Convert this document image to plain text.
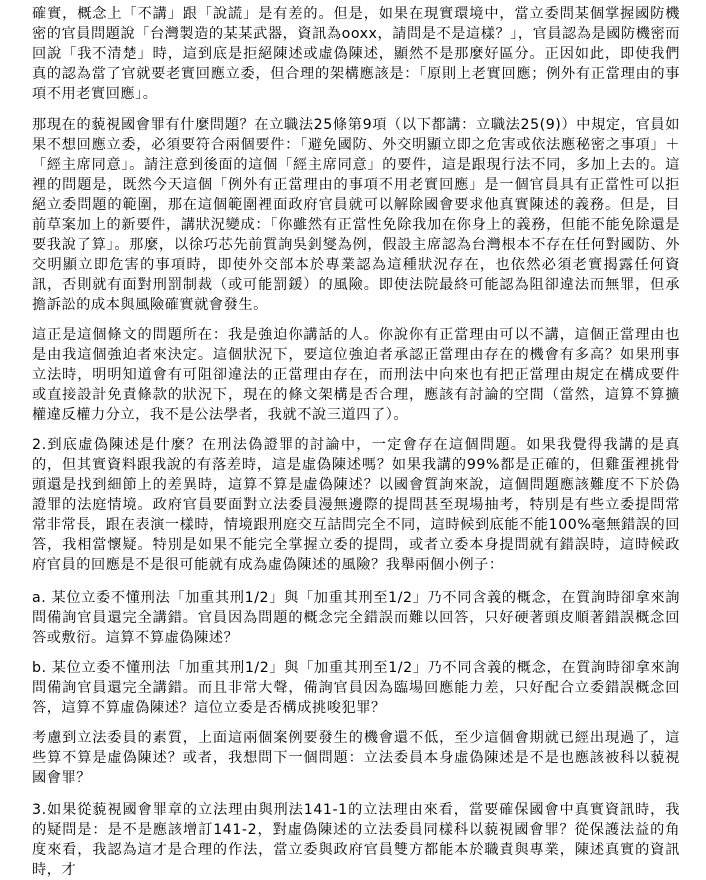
確實，概念上「不講」跟「說謊」是有差的。但是，如果在現實環境中，當立委問某個掌握國防機密的官員問題說「台灣製造的某某武器，資訊為ooxx，請問是不是這樣？」，官員認為是國防機密而回說「我不清楚」時，這到底是拒絕陳述或虛偽陳述，顯然不是那麼好區分。正因如此，即使我們真的認為當了官就要老實回應立委，但合理的架構應該是：「原則上老實回應；例外有正當理由的事項不用老實回應」。

那現在的藐視國會罪有什麼問題？在立職法25條第9項（以下都講：立職法25(9)）中規定，官員如果不想回應立委，必須要符合兩個要件：「避免國防、外交明顯立即之危害或依法應秘密之事項」＋「經主席同意」。請注意到後面的這個「經主席同意」的要件，這是跟現行法不同，多加上去的。這裡的問題是，既然今天這個「例外有正當理由的事項不用老實回應」是一個官員具有正當性可以拒絕立委問題的範圍，那在這個範圍裡面政府官員就可以解除國會要求他真實陳述的義務。但是，目前草案加上的新要件，講狀況變成：「你雖然有正當性免除我加在你身上的義務，但能不能免除還是要我說了算」。那麼，以徐巧芯先前質詢吳釗燮為例，假設主席認為台灣根本不存在任何對國防、外交明顯立即危害的事項時，即使外交部本於專業認為這種狀況存在，也依然必須老實揭露任何資訊，否則就有面對刑罰制裁（或可能罰鍰）的風險。即使法院最終可能認為阻卻違法而無罪，但承擔訴訟的成本與風險確實就會發生。

這正是這個條文的問題所在：我是強迫你講話的人。你說你有正當理由可以不講，這個正當理由也是由我這個強迫者來決定。這個狀況下，要這位強迫者承認正當理由存在的機會有多高？如果刑事立法時，明明知道會有可阻卻違法的正當理由存在，而刑法中向來也有把正當理由規定在構成要件或直接設計免責條款的狀況下，現在的條文架構是否合理，應該有討論的空間（當然，這算不算擴權違反權力分立，我不是公法學者，我就不說三道四了）。

2.到底虛偽陳述是什麼？在刑法偽證罪的討論中，一定會存在這個問題。如果我覺得我講的是真的，但其實資料跟我說的有落差時，這是虛偽陳述嗎？如果我講的99%都是正確的，但雞蛋裡挑骨頭還是找到細節上的差異時，這算不算是虛偽陳述？以國會質詢來說，這個問題應該難度不下於偽證罪的法庭情境。政府官員要面對立法委員漫無邊際的提問甚至現場抽考，特別是有些立委提問常常非常長，跟在表演一樣時，情境跟刑庭交互詰問完全不同，這時候到底能不能100%毫無錯誤的回答，我相當懷疑。特別是如果不能完全掌握立委的提問，或者立委本身提問就有錯誤時，這時候政府官員的回應是不是很可能就有成為虛偽陳述的風險？我舉兩個小例子：

a. 某位立委不懂刑法「加重其刑1/2」與「加重其刑至1/2」乃不同含義的概念，在質詢時卻拿來詢問備詢官員還完全講錯。官員因為問題的概念完全錯誤而難以回答，只好硬著頭皮順著錯誤概念回答或敷衍。這算不算虛偽陳述？

b. 某位立委不懂刑法「加重其刑1/2」與「加重其刑至1/2」乃不同含義的概念，在質詢時卻拿來詢問備詢官員還完全講錯。而且非常大聲，備詢官員因為臨場回應能力差，只好配合立委錯誤概念回答，這算不算虛偽陳述？這位立委是否構成挑唆犯罪？

考慮到立法委員的素質，上面這兩個案例要發生的機會還不低，至少這個會期就已經出現過了，這些算不算是虛偽陳述？或者，我想問下一個問題：立法委員本身虛偽陳述是不是也應該被科以藐視國會罪？

3.如果從藐視國會罪章的立法理由與刑法141-1的立法理由來看，當要確保國會中真實資訊時，我的疑問是：是不是應該增訂141-2，對虛偽陳述的立法委員同樣科以藐視國會罪？從保護法益的角度來看，我認為這才是合理的作法，當立委與政府官員雙方都能本於職責與專業，陳述真實的資訊時，才
